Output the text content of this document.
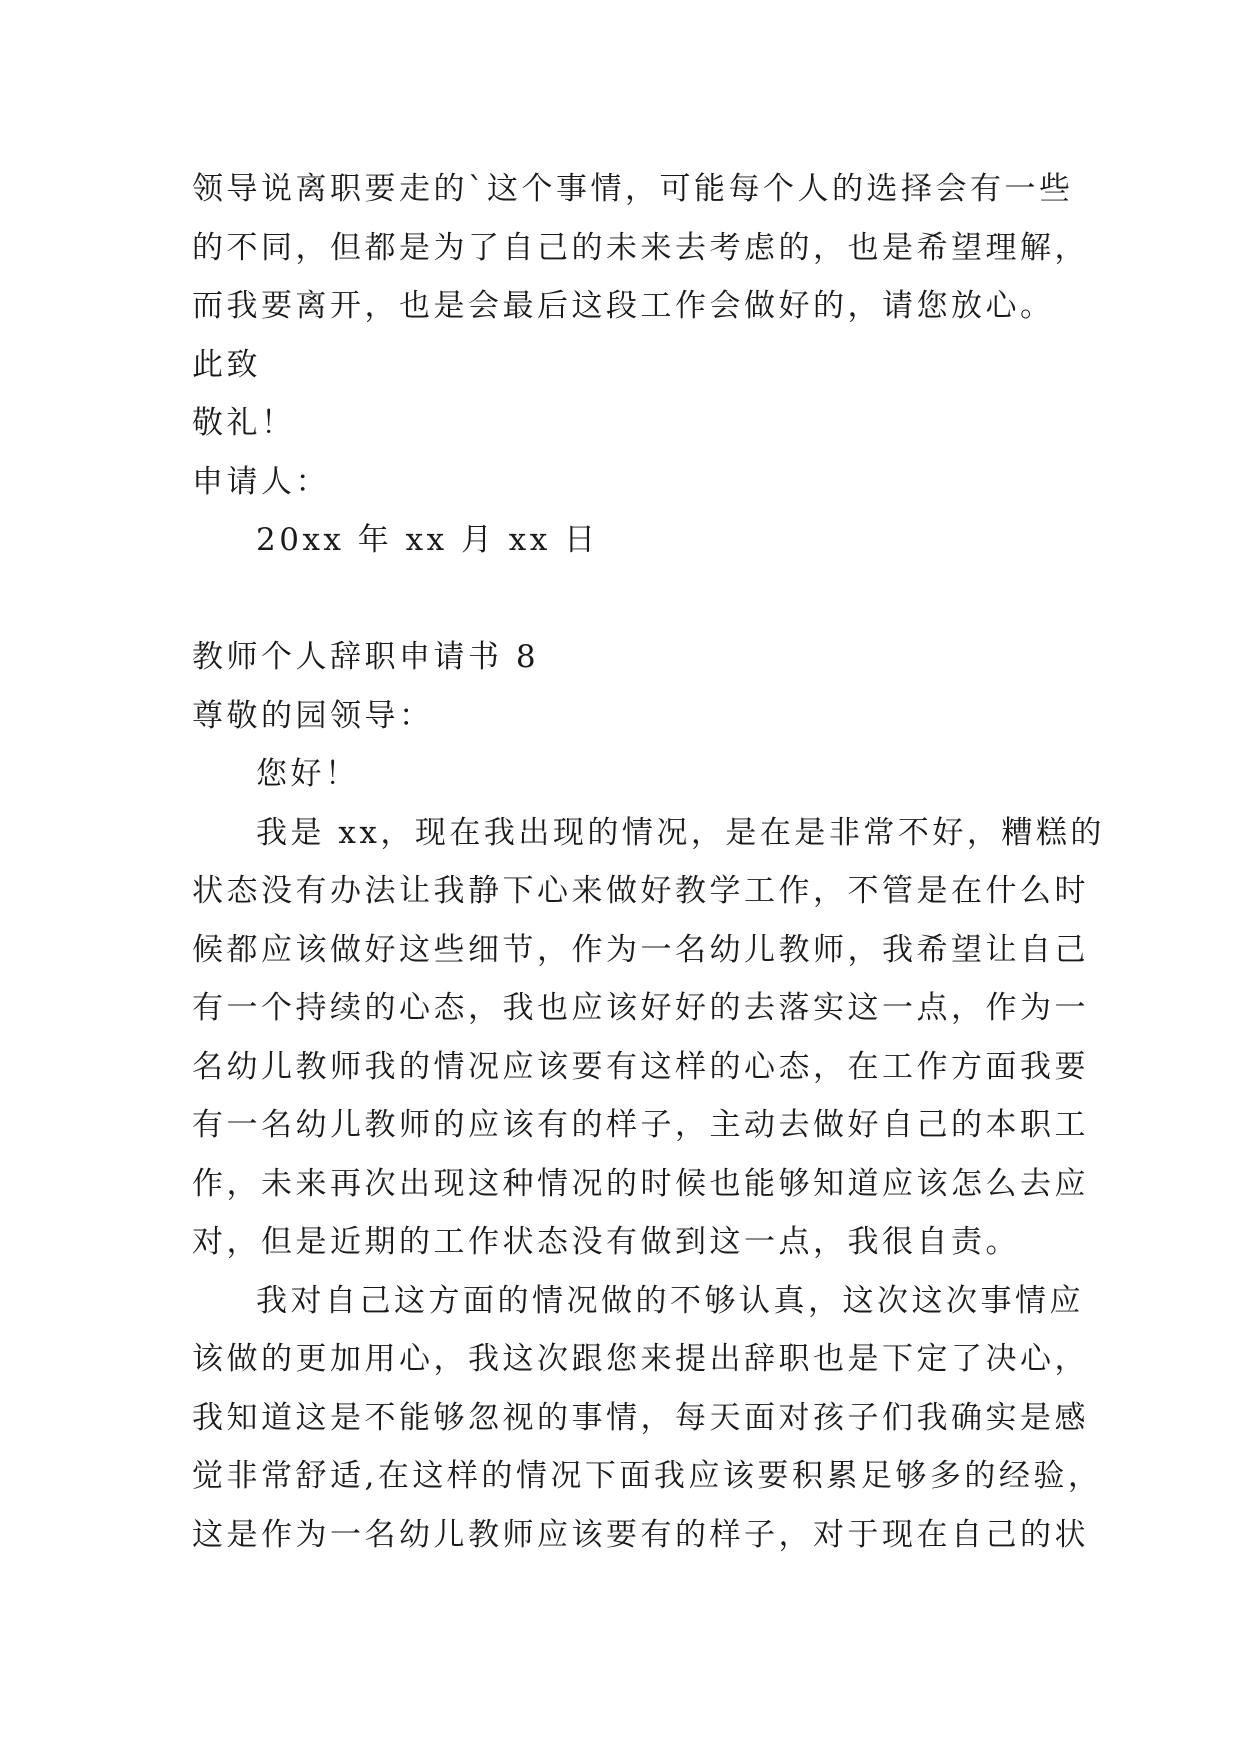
领导说离职要走的`这个事情，可能每个人的选择会有一些
的不同，但都是为了自己的未来去考虑的，也是希望理解，
而我要离开，也是会最后这段工作会做好的，请您放心。
此致
敬礼！
申请人：
20xx 年 xx 月 xx 日
教师个人辞职申请书 8
尊敬的园领导：
您好！
我是 xx，现在我出现的情况，是在是非常不好，糟糕的
状态没有办法让我静下心来做好教学工作，不管是在什么时
候都应该做好这些细节，作为一名幼儿教师，我希望让自己
有一个持续的心态，我也应该好好的去落实这一点，作为一
名幼儿教师我的情况应该要有这样的心态，在工作方面我要
有一名幼儿教师的应该有的样子，主动去做好自己的本职工
作，未来再次出现这种情况的时候也能够知道应该怎么去应
对，但是近期的工作状态没有做到这一点，我很自责。
我对自己这方面的情况做的不够认真，这次这次事情应
该做的更加用心，我这次跟您来提出辞职也是下定了决心，
我知道这是不能够忽视的事情，每天面对孩子们我确实是感
觉非常舒适,在这样的情况下面我应该要积累足够多的经验，
这是作为一名幼儿教师应该要有的样子，对于现在自己的状
